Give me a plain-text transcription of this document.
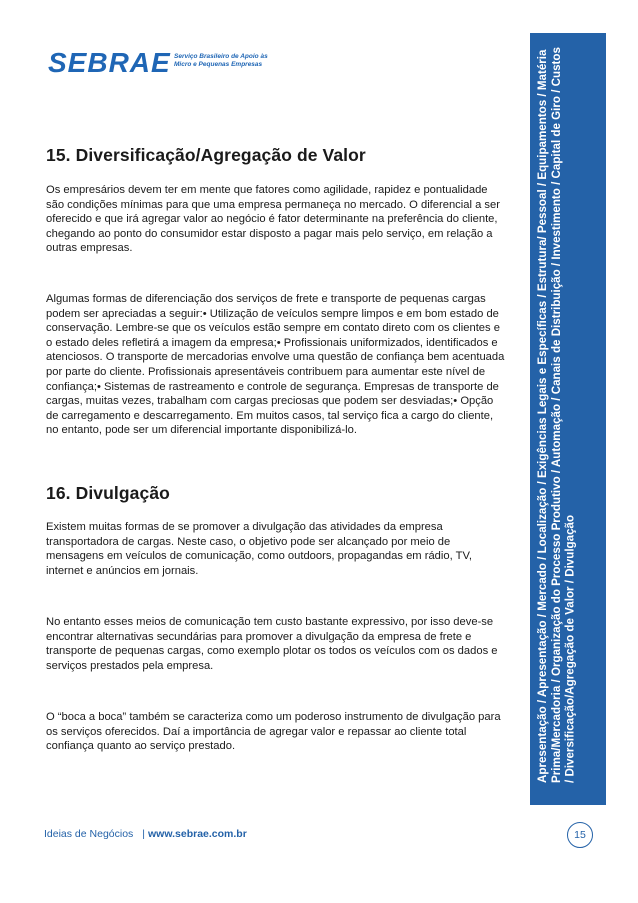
SEBRAE Serviço Brasileiro de Apoio às
Micro e Pequenas Empresas	Apresentação / Apresentação / Mercado / Localização / Exigências Legais e Específicas / Estrutura/ Pessoal / Equipamentos / Matéria Prima/Mercadoria / Organização do Processo Produtivo / Automação / Canais de Distribuição / Investimento / Capital de Giro / Custos / Diversificação/Agregação de Valor / Divulgação
15. Diversificação/Agregação de Valor

Os empresários devem ter em mente que fatores como agilidade, rapidez e pontualidade são condições mínimas para que uma empresa permaneça no mercado. O diferencial a ser oferecido e que irá agregar valor ao negócio é fator determinante na preferência do cliente, chegando ao ponto do consumidor estar disposto a pagar mais pelo serviço, em relação a outras empresas.

Algumas formas de diferenciação dos serviços de frete e transporte de pequenas cargas podem ser apreciadas a seguir:• Utilização de veículos sempre limpos e em bom estado de conservação. Lembre-se que os veículos estão sempre em contato direto com os clientes e o estado deles refletirá a imagem da empresa;• Profissionais uniformizados, identificados e atenciosos. O transporte de mercadorias envolve uma questão de confiança bem acentuada por parte do cliente. Profissionais apresentáveis contribuem para aumentar este nível de confiança;• Sistemas de rastreamento e controle de segurança. Empresas de transporte de cargas, muitas vezes, trabalham com cargas preciosas que podem ser desviadas;• Opção de carregamento e descarregamento. Em muitos casos, tal serviço fica a cargo do cliente, no entanto, pode ser um diferencial importante disponibilizá-lo.

16. Divulgação

Existem muitas formas de se promover a divulgação das atividades da empresa transportadora de cargas. Neste caso, o objetivo pode ser alcançado por meio de mensagens em veículos de comunicação, como outdoors, propagandas em rádio, TV, internet e anúncios em jornais.

No entanto esses meios de comunicação tem custo bastante expressivo, por isso deve-se encontrar alternativas secundárias para promover a divulgação da empresa de frete e transporte de pequenas cargas, como exemplo plotar os todos os veículos com os dados e serviços prestados pela empresa.

O “boca a boca” também se caracteriza como um poderoso instrumento de divulgação para os serviços oferecidos. Daí a importância de agregar valor e repassar ao cliente total confiança quanto ao serviço prestado.

Ideias de Negócios | www.sebrae.com.br	15
